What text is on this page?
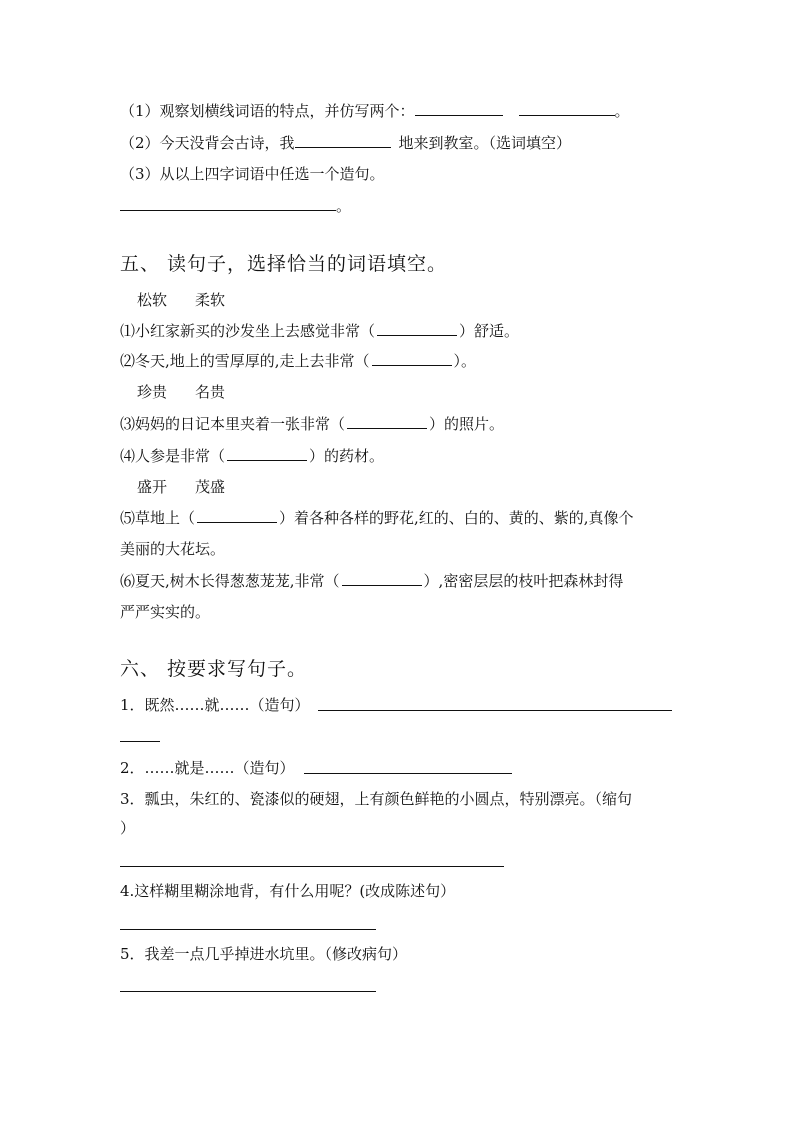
（1）观察划横线词语的特点，并仿写两个：	。
（2）今天没背会古诗，我	地来到教室。（选词填空）
（3）从以上四字词语中任选一个造句。
。
五、 读句子，选择恰当的词语填空。
松软 柔软
⑴小红家新买的沙发坐上去感觉非常（	）舒适。
⑵冬天,地上的雪厚厚的,走上去非常（	）。
珍贵 名贵
⑶妈妈的日记本里夹着一张非常（	）的照片。
⑷人参是非常（	）的药材。
盛开 茂盛
⑸草地上（	）着各种各样的野花,红的、白的、黄的、紫的,真像个
美丽的大花坛。
⑹夏天,树木长得葱葱茏茏,非常（	）,密密层层的枝叶把森林封得
严严实实的。
六、 按要求写句子。
1．既然……就……（造句）
2．……就是……（造句）
3．瓢虫，朱红的、瓷漆似的硬翅，上有颜色鲜艳的小圆点，特别漂亮。（缩句
）
4.这样糊里糊涂地背，有什么用呢？(改成陈述句）
5．我差一点几乎掉进水坑里。（修改病句）
